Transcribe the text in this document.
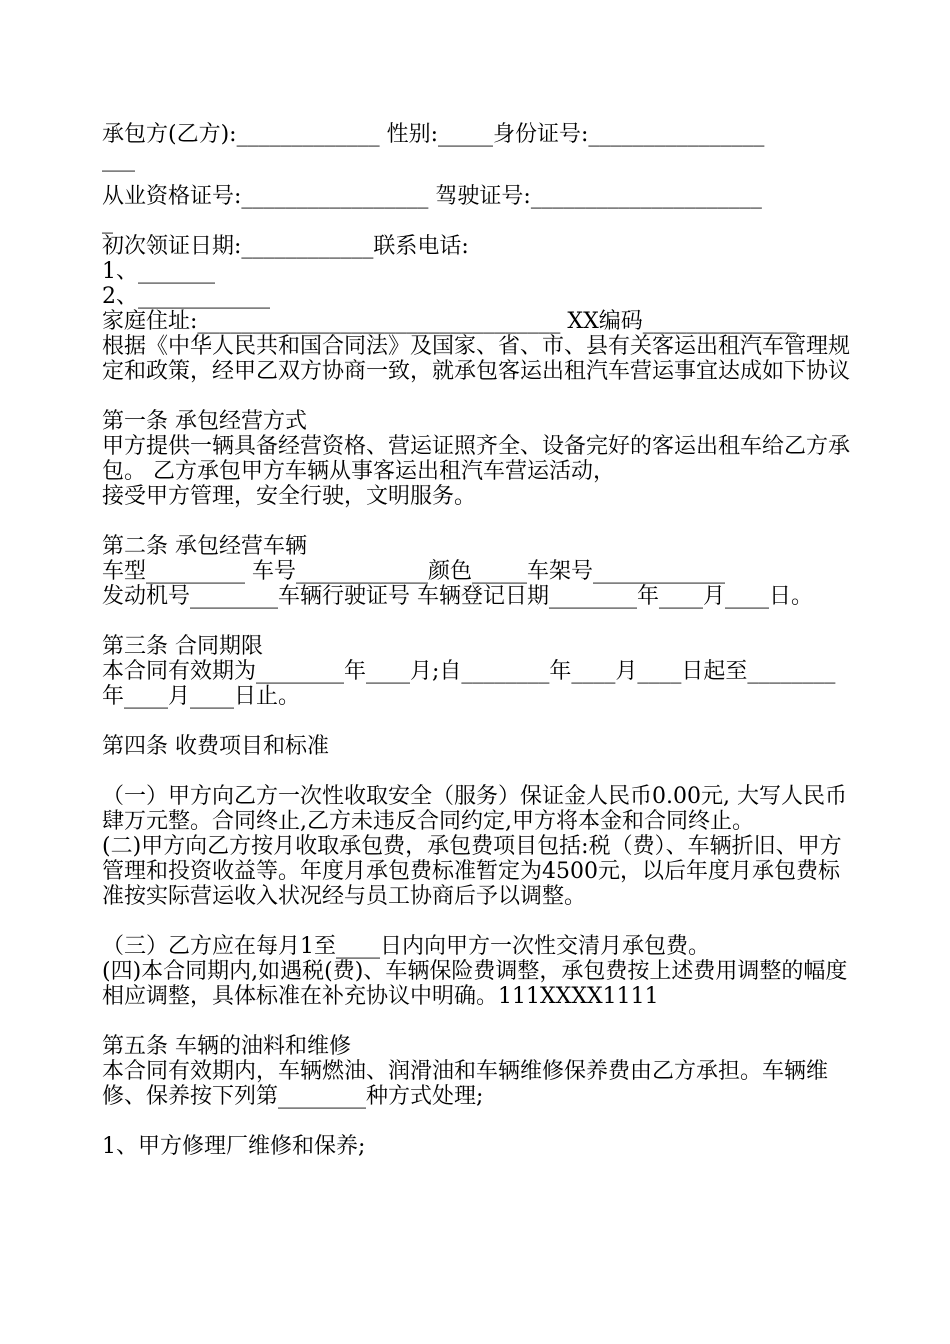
承包方(乙方):_____________ 性别:_____身份证号:________________
___
从业资格证号:_________________ 驾驶证号:_____________________
_
初次领证日期:____________联系电话:
1、_______
2、____________
家庭住址:_________________________________ XX编码______________
根据《中华人民共和国合同法》及国家、省、市、县有关客运出租汽车管理规定和政策，经甲乙双方协商一致，就承包客运出租汽车营运事宜达成如下协议
第一条 承包经营方式
甲方提供一辆具备经营资格、营运证照齐全、设备完好的客运出租车给乙方承包。 乙方承包甲方车辆从事客运出租汽车营运活动，
接受甲方管理，安全行驶，文明服务。
第二条 承包经营车辆
车型_________ 车号____________颜色_____车架号____________
发动机号________车辆行驶证号 车辆登记日期________年____月____日。
第三条 合同期限
本合同有效期为________年____月;自________年____月____日起至________年____月____日止。
第四条 收费项目和标准
（一）甲方向乙方一次性收取安全（服务）保证金人民币0.00元, 大写人民币肆万元整。合同终止,乙方未违反合同约定,甲方将本金和合同终止。
(二)甲方向乙方按月收取承包费，承包费项目包括:税（费）、车辆折旧、甲方管理和投资收益等。年度月承包费标准暂定为4500元，以后年度月承包费标准按实际营运收入状况经与员工协商后予以调整。
（三）乙方应在每月1至____日内向甲方一次性交清月承包费。
(四)本合同期内,如遇税(费)、车辆保险费调整，承包费按上述费用调整的幅度相应调整，具体标准在补充协议中明确。111XXXX1111
第五条 车辆的油料和维修
本合同有效期内，车辆燃油、润滑油和车辆维修保养费由乙方承担。车辆维修、保养按下列第________种方式处理;
1、甲方修理厂维修和保养;
